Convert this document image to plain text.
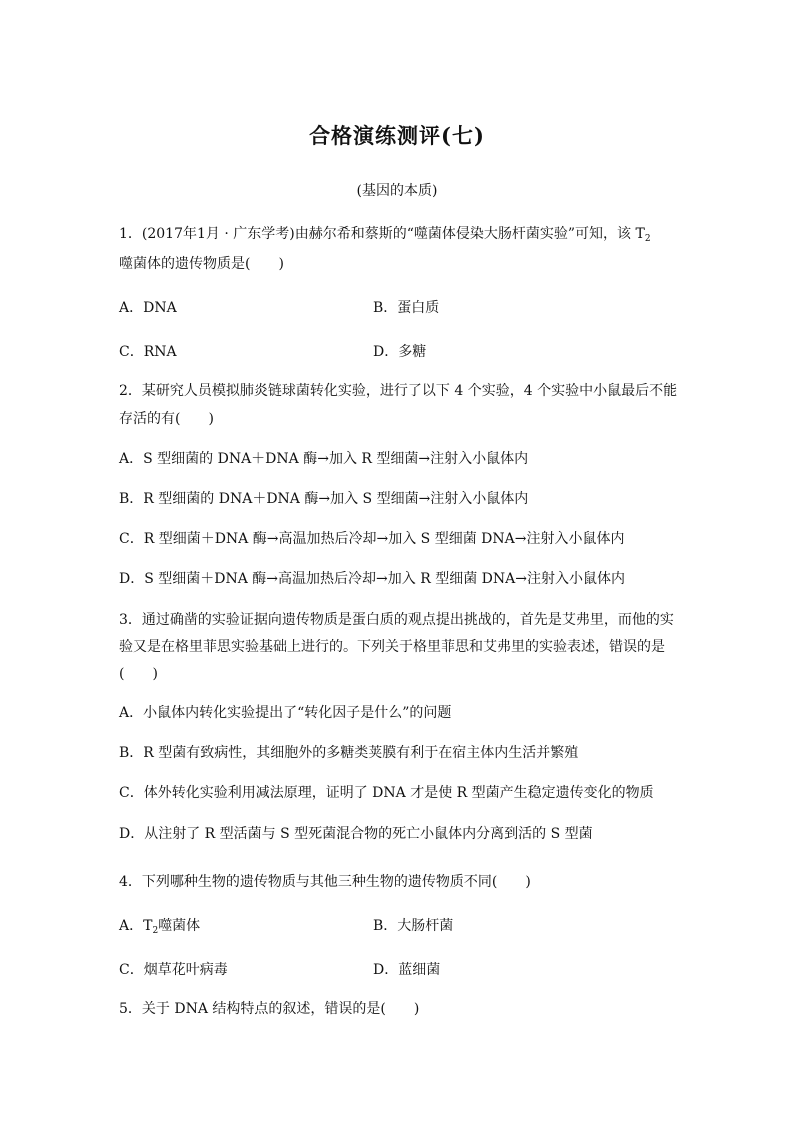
合格演练测评(七)
(基因的本质)
1．(2017年1月 · 广东学考)由赫尔希和蔡斯的“噬菌体侵染大肠杆菌实验”可知，该 $T_2$
噬菌体的遗传物质是(　　)
A．DNA	B．蛋白质
C．RNA	D．多糖
2．某研究人员模拟肺炎链球菌转化实验，进行了以下 4 个实验，4 个实验中小鼠最后不能
存活的有(　　)
A．S 型细菌的 DNA＋DNA 酶→加入 R 型细菌→注射入小鼠体内
B．R 型细菌的 DNA＋DNA 酶→加入 S 型细菌→注射入小鼠体内
C．R 型细菌＋DNA 酶→高温加热后冷却→加入 S 型细菌 DNA→注射入小鼠体内
D．S 型细菌＋DNA 酶→高温加热后冷却→加入 R 型细菌 DNA→注射入小鼠体内
3．通过确凿的实验证据向遗传物质是蛋白质的观点提出挑战的，首先是艾弗里，而他的实
验又是在格里菲思实验基础上进行的。下列关于格里菲思和艾弗里的实验表述，错误的是
(　　)
A．小鼠体内转化实验提出了“转化因子是什么”的问题
B．R 型菌有致病性，其细胞外的多糖类荚膜有利于在宿主体内生活并繁殖
C．体外转化实验利用减法原理，证明了 DNA 才是使 R 型菌产生稳定遗传变化的物质
D．从注射了 R 型活菌与 S 型死菌混合物的死亡小鼠体内分离到活的 S 型菌
4．下列哪种生物的遗传物质与其他三种生物的遗传物质不同(　　)
A．$T_2$噬菌体	B．大肠杆菌
C．烟草花叶病毒	D．蓝细菌
5．关于 DNA 结构特点的叙述，错误的是(　　)
